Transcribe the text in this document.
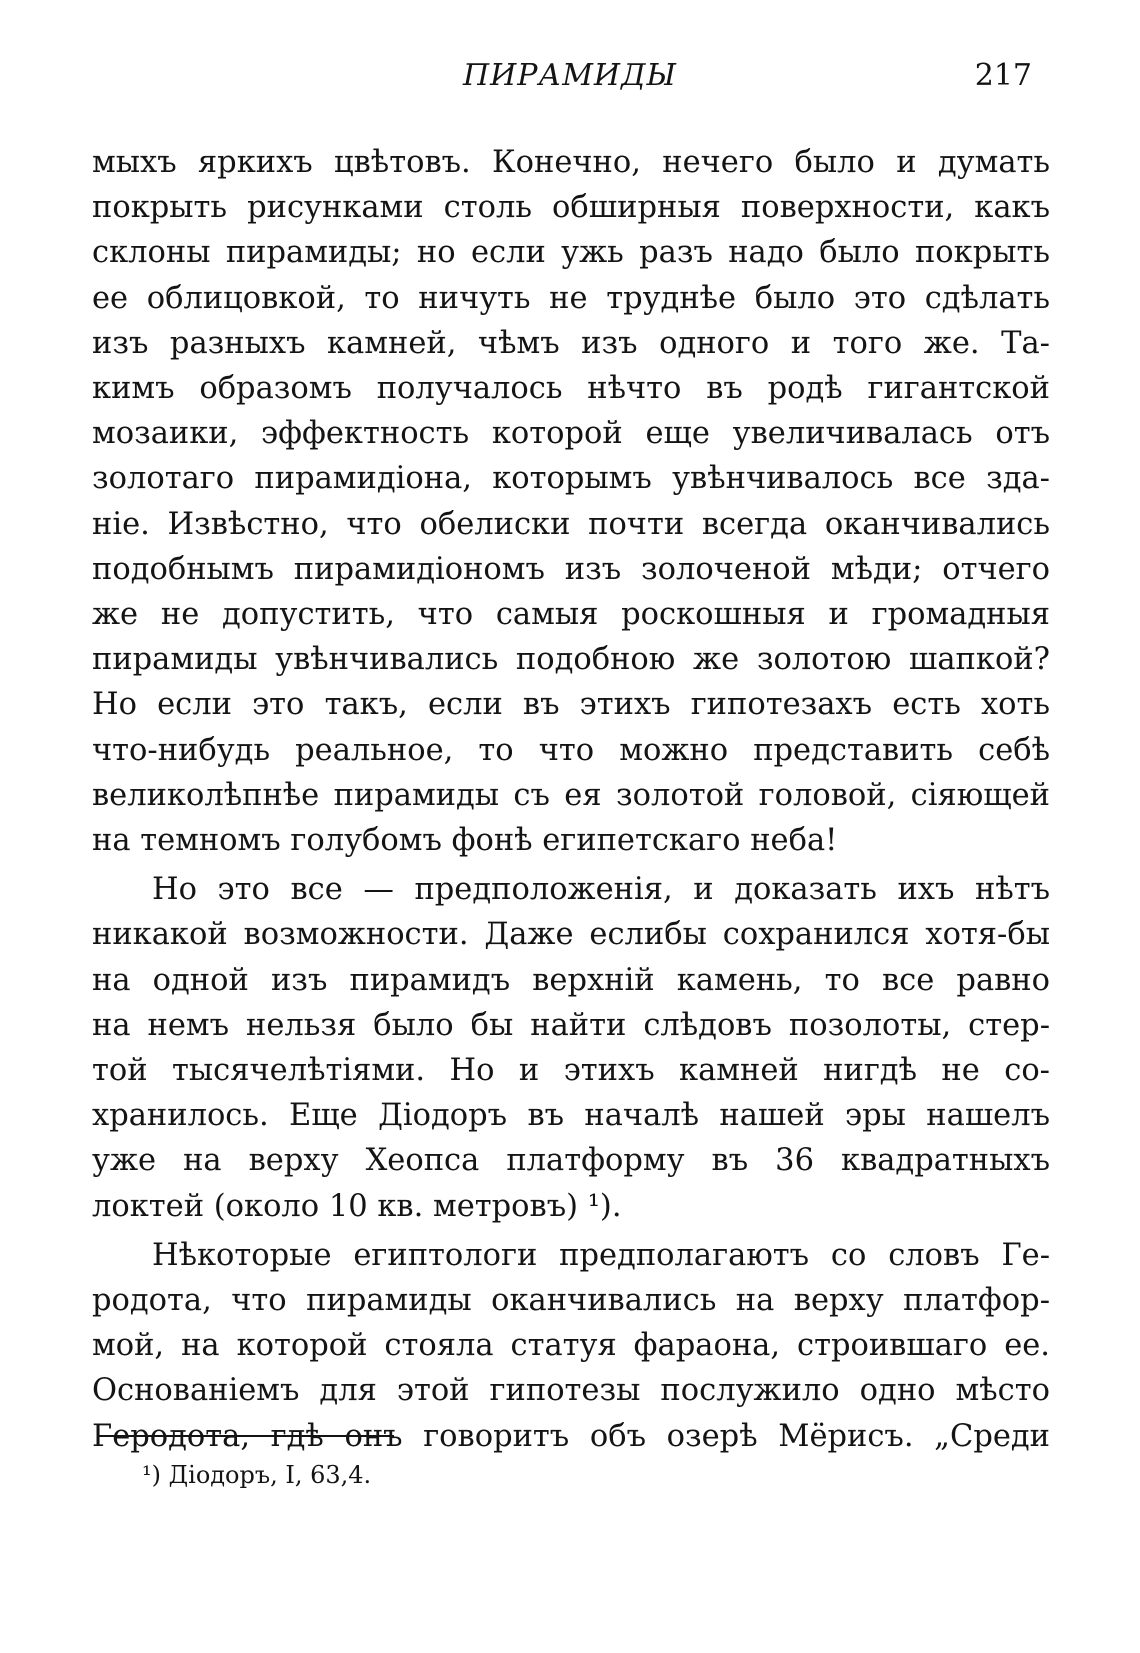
ПИРАМИДЫ	217
мыхъ яркихъ цвѣтовъ. Конечно, нечего было и думать
покрыть рисунками столь обширныя поверхности, какъ
склоны пирамиды; но если ужь разъ надо было покрыть
ее облицовкой, то ничуть не труднѣе было это сдѣлать
изъ разныхъ камней, чѣмъ изъ одного и того же. Та-
кимъ образомъ получалось нѣчто въ родѣ гигантской
мозаики, эффектность которой еще увеличивалась отъ
золотаго пирамидіона, которымъ увѣнчивалось все зда-
ніе. Извѣстно, что обелиски почти всегда оканчивались
подобнымъ пирамидіономъ изъ золоченой мѣди; отчего
же не допустить, что самыя роскошныя и громадныя
пирамиды увѣнчивались подобною же золотою шапкой?
Но если это такъ, если въ этихъ гипотезахъ есть хоть
что-нибудь реальное, то что можно представить себѣ
великолѣпнѣе пирамиды съ ея золотой головой, сіяющей
на темномъ голубомъ фонѣ египетскаго неба!
Но это все — предположенія, и доказать ихъ нѣтъ
никакой возможности. Даже еслибы сохранился хотя-бы
на одной изъ пирамидъ верхній камень, то все равно
на немъ нельзя было бы найти слѣдовъ позолоты, стер-
той тысячелѣтіями. Но и этихъ камней нигдѣ не со-
хранилось. Еще Діодоръ въ началѣ нашей эры нашелъ
уже на верху Хеопса платформу въ 36 квадратныхъ
локтей (около 10 кв. метровъ) ¹).
Нѣкоторые египтологи предполагаютъ со словъ Ге-
родота, что пирамиды оканчивались на верху платфор-
мой, на которой стояла статуя фараона, строившаго ее.
Основаніемъ для этой гипотезы послужило одно мѣсто
Геродота, гдѣ онъ говоритъ объ озерѣ Мёрисъ. „Среди
¹) Діодоръ, I, 63,4.
